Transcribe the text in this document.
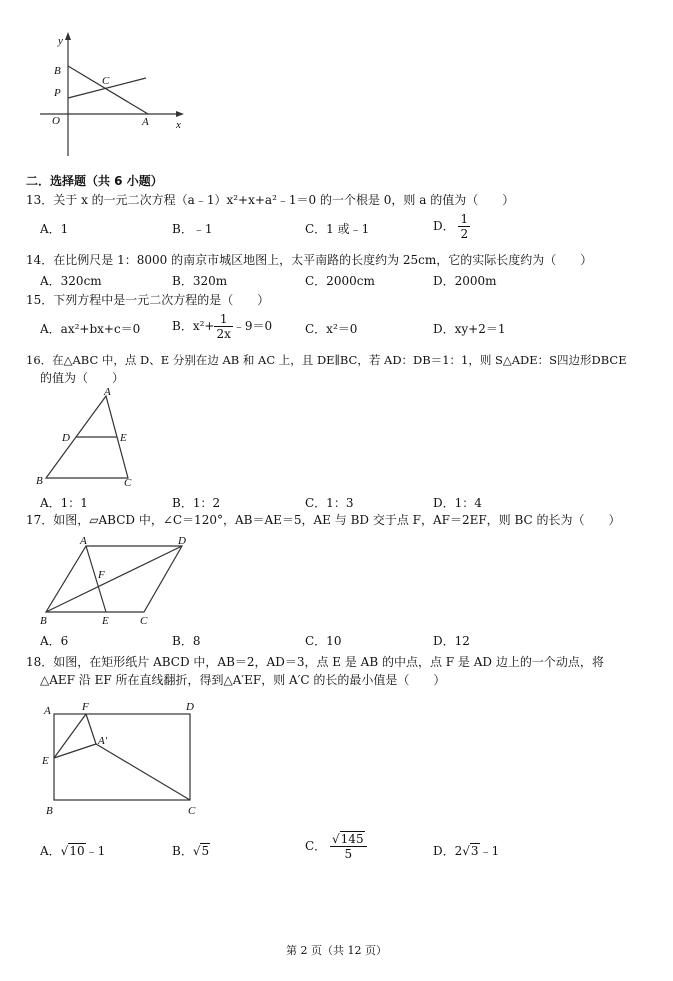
y
x
B
C
P
O	A
二．选择题（共 6 小题）
13．关于 x 的一元二次方程（a﹣1）x²+x+a²﹣1＝0 的一个根是 0，则 a 的值为（　　）
A．1	B．﹣1	C．1 或﹣1	D． $\frac{1}{2}$
14．在比例尺是 1：8000 的南京市城区地图上，太平南路的长度约为 25cm，它的实际长度约为（　　）
A．320cm	B．320m	C．2000cm	D．2000m
15．下列方程中是一元二次方程的是（　　）
A．ax²+bx+c＝0	B．$x^2+ \frac{1}{2x}$ ﹣9＝0	C．x²＝0	D．xy+2＝1
16．在△ABC 中，点 D、E 分别在边 AB 和 AC 上，且 DE∥BC，若 AD：DB＝1：1，则 S△ADE：S四边形DBCE
的值为（　　）
A
D	E
B	C
A．1：1	B．1：2	C．1：3	D．1：4
17．如图，▱ABCD 中，∠C＝120°，AB＝AE＝5，AE 与 BD 交于点 F，AF＝2EF，则 BC 的长为（　　）
A	D
F
B	E	C
A．6	B．8	C．10	D．12
18．如图，在矩形纸片 ABCD 中，AB＝2，AD＝3，点 E 是 AB 的中点，点 F 是 AD 边上的一个动点，将
△AEF 沿 EF 所在直线翻折，得到△A′EF，则 A′C 的长的最小值是（　　）
A	F	D
A′
E
B	C
A．√10﹣1	B．√5	C． $\frac{√145}{5}$	D．2√3﹣1
第 2 页（共 12 页）
